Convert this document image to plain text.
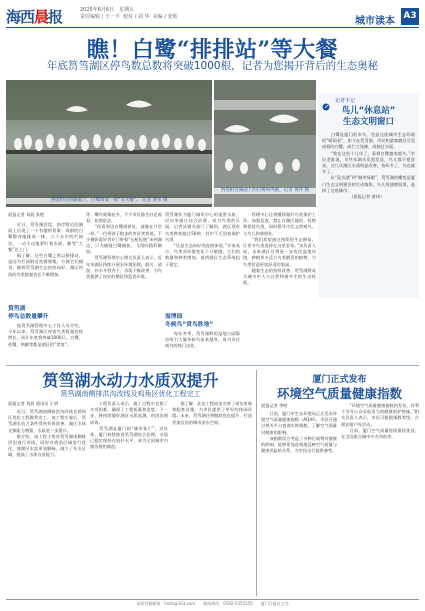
海西晨报	2025年6月6日　星期五
责任编辑 / 王一平  校对 / 刘 华  美编 / 张辉	城市读本 A3
瞧！白鹭“排排站”等大餐
年底筼筜湖区停鸟数总数将突破1000根，记者为您揭开背后的生态奥秘
西堤附近的湖面上，白鹭排成一排“等大餐”。 记者 黄伟 摄
西堤附近湖面上的白鹭和鸬鹚。记者 黄伟 摄
记者手记
鸟儿“休息站”
生态文明窗口
　　白鹭是厦门的市鸟，也是这座城市生态环境的“晴雨表”。如今在筼筜湖，市民和游客随处可见成群的白鹭，或伫立浅滩，或掠过水面。
　　“我在这里十几年了，看着白鹭越来越多。”市民老陈说，早些年湖水发黑发臭，鸟儿都不愿意来，这几年湖区水质明显改善，鱼虾多了，鸟也就多了。
　　从“臭水湖”到“城市绿肺”，筼筜湖的蝶变是厦门生态文明建设的生动缩影。鸟儿用翅膀投票，选择了这座城市。
　　　　　　　（晨报记者 黄伟）
晨报记者 刘晨 张艳
　　近日，筼筜湖西堤、南岸附近的湖面上出现了一个有趣的景象：成群的白鹭整齐地排成一排，立于水中的拦网边，一动不动地紧盯着水面，静等“大餐”送上门。
　　据了解，这些白鹭之所以排排站，是因为拦网附近鱼群聚集，方便它们捕食。随着筼筜湖生态持续向好，湖区停留的鸟类数量也在不断增加。
筼筜湖
停鸟总数量攀升
　　据筼筜湖管理中心工作人员介绍，今年以来，筼筜湖区停留鸟类数量持续增长，预计年底将突破1000只。白鹭、夜鹭、鸬鹚等都是湖区的“常客”。
等，鹭鸟聚集较多，不少市民都会驻足观看、拍照留念。
　　“你看那边白鹭排着队，就像在开会一样。”一位带孩子散步的市民笑着说。不少摄影爱好者专门带着“长枪短炮”来到湖边，只为捕捉白鹭捕鱼、飞翔的精彩瞬间。
　　筼筜湖管理中心相关负责人表示，近年来湖区持续开展水环境治理，截污、清淤、补水多管齐下，水质不断改善，为鸟类提供了良好的栖息和觅食环境。
筼筜湖作为厦门城市中心的重要水体，近年来通过综合治理，成为鸟类的乐园。记者从相关部门了解到，湖区现有鸟类种类超过50种，其中不乏国家保护鸟类。
　　“这是生态向好的直接体现。”专家表示，鸟类对环境变化十分敏感，它们的数量和种类增加，说明湖区生态系统趋于稳定。
湿博园
冬候鸟“赏鸟胜地”
　　每年冬季，筼筜湖畔的湿地公园都会吸引大量冬候鸟前来越冬，成为市民观鸟的热门去处。
　　管理中心还将继续做好鸟类保护工作，加强巡查，禁止在湖区捕鱼、投喂和惊扰鸟类，同时倡导市民文明观鸟，与鸟儿和谐相处。
　　“我们希望通过持续的生态修复，让更多鸟类选择在这里安家。”该负责人说，未来湖区还将进一步优化湿地环境，种植更多适合鸟类栖息的植物，为鸟类营造更加舒适的家园。
　　随着生态的持续改善，筼筜湖将成为城市中人与自然和谐共生的生动样板。
筼筜湖水动力水质双提升
筼筜湖南侧排洪沟改线及鸡角区优化工程完工
晨报记者 刘晨 通讯员 王明
　　近日，筼筜湖南侧排洪沟改线及鸡角区优化工程顺利完工。该工程实施后，筼筜湖水动力条件得到有效改善，湖区水体交换能力增强，水质进一步提升。
　　据介绍，该工程主要对筼筜湖南侧排洪沟进行改线，同时对鸡角区域进行优化，使湖区水流更加顺畅，减少了死水区域，提高了水体自净能力。
　　工程负责人表示，施工过程中克服了多项困难，确保了工程质量和进度。下一步，将持续做好湖区水质监测，巩固治理成效。
　　筼筜湖是厦门的“城市客厅”，近年来，厦门持续推进筼筜湖综合治理，水质已稳定保持在较好水平，成为全国城市内湖治理的典范。
　　据了解，此次工程同步完善了周边景观和配套设施，为市民提供了更好的休闲环境。未来，筼筜湖还将继续优化提升，打造更加宜居的城市滨水空间。
厦门正式发布
环境空气质量健康指数
晨报记者 李明
　　日前，厦门市生态环境局正式发布环境空气质量健康指数（AQHI），市民可通过相关平台查询实时指数，了解空气质量对健康的影响。
　　该指数综合考虑了多种污染物对健康的影响，能够更加直观地反映空气质量与健康风险的关系，为市民出行提供参考。
　　“环境空气质量健康指数的发布，有利于引导公众采取适当的健康防护措施。”相关负责人表示，市民可根据指数等级，合理安排户外活动。
　　目前，厦门空气质量持续保持优良，在全国重点城市中名列前茅。
本版投稿邮箱：hxcb@163.com　　新闻热线：0592-5555555　　厦门日报社主办
